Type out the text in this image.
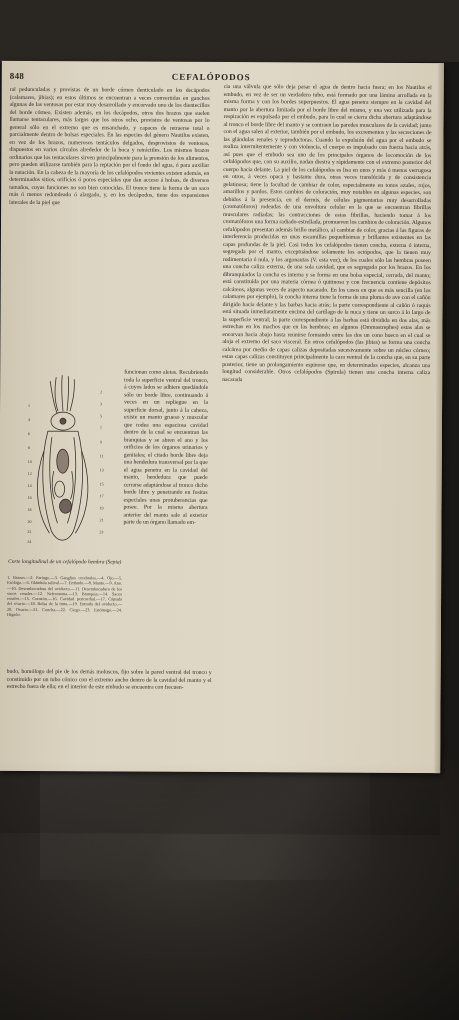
848	CEFALÓPODOS
ral pedunculadas y provistas de un borde córneo denticulado en los decápodos (calamares, jibias); en estos últimos se encuentran a veces convertidas en ganchos algunas de las ventosas por estar muy desarrollado y encorvado uno de los dientecillos del borde córneo. Existen además, en los decápodos, otros dos brazos que suelen llamarse tentaculares, más largos que los otros ocho, provistos de ventosas por lo general sólo en el extremo que es ensanchado, y capaces de retraerse total o parcialmente dentro de bolsas especiales. En las especies del género Nautilus existen, en vez de los brazos, numerosos tentáculos delgados, desprovistos de ventosas, dispuestos en varios círculos alrededor de la boca y retráctiles. Los mismos brazos ordinarios que los tentaculares sirven principalmente para la prensión de los alimentos, pero pueden utilizarse también para la reptación por el fondo del agua, ó para auxiliar la natación. En la cabeza de la mayoría de los cefalópodos vivientes existen además, en determinados sitios, orificios ó poros especiales que dan acceso á bolsas, de diversos tamaños, cuyas funciones no son bien conocidas. El tronco tiene la forma de un saco más ó menos redondeado ó alargado, y, en los decápodos, tiene dos expansiones laterales de la piel que
1
2
3
4
5
6
7
8
9
10
11
12
13
14	15
16	17
18	19
20	21
22	23
24
funcionan como aletas. Recubriendo toda la superficie ventral del tronco, á cuyos lados se adhiere quedándole sólo un borde libre, continuando á veces en un repliegue en la superficie dorsal, junto á la cabeza, existe un manto grueso y muscular que rodea una espaciosa cavidad dentro de la cual se encuentran las branquias y se abren el ano y los orificios de los órganos urinarios y genitales; el citado borde libre deja una hendedura transversal por la que el agua penetra en la cavidad del manto, hendedura que puede cerrarse adaptándose al tronco dicho borde libre y penetrando en fositas especiales unas protuberancias que posee. Por la misma abertura anterior del manto sale al exterior parte de un órgano llamado em-
Corte longitudinal de un cefalópodo hembra (Sepia)
1. Brazos.—2. Faringe.—3. Ganglios cerebrales.—4. Ojo.—5. Esófago.—6. Glándula salival.—7. Embudo.—8. Manto.—9. Ano.—10. Desembocadura del oviducto.—11. Desembocadura de los sacos renales.—12. Nefrostoma.—13. Branquia.—14. Sacos renales.—15. Corazón.—16. Cavidad pericardial.—17. Cápsula del ovario.—18. Bolsa de la tinta.—19. Entrada del oviducto.—20. Ovario.—21. Concha.—22. Ciego.—23. Estómago.—24. Hígado.
budo, homólogo del pie de los demás moluscos, fijo sobre la pared ventral del tronco y constituído por un tubo cónico con el extremo ancho dentro de la cavidad del manto y el estrecho fuera de ella; en el interior de este embudo se encuentra con frecuen-
cia una válvula que sólo deja pasar el agua de dentro hacia fuera; en los Nautilus el embudo, en vez de ser un verdadero tubo, está formado por una lámina arrollada en la misma forma y con los bordes superpuestos. El agua penetra siempre en la cavidad del manto por la abertura limitada por el borde libre del mismo, y una vez utilizada para la respiración es expulsada por el embudo, para lo cual se cierra dicha abertura adaptándose al tronco el borde libre del manto y se contraen las paredes musculares de la cavidad; junto con el agua salen al exterior, también por el embudo, los excrementos y las secreciones de las glándulas renales y reproductoras. Cuando la expulsión del agua por el embudo se realiza intermitentemente y con violencia, el cuerpo es impulsado con fuerza hacia atrás, así pues que el embudo sea uno de los principales órganos de locomoción de los cefalópodos que, con su auxilio, nadan diestra y rápidamente con el extremo posterior del cuerpo hacia delante. La piel de los cefalópodos es lisa en unos y más ó menos verrugosa en otros, á veces opaca y bastante dura, otras veces translúcida y de consistencia gelatinosa; tiene la facultad de cambiar de color, especialmente en tonos azules, rojos, amarillos y pardos. Estos cambios de coloración, muy notables en algunas especies, son debidos á la presencia, en el dermis, de células pigmentarias muy desarrolladas (cromatóforos) rodeadas de una envoltura celular en la que se encuentran fibrillas musculares radiadas; las contracciones de estas fibrillas, haciendo tomar á los cromatóforos una forma radiado-estrellada, promueven los cambios de coloración. Algunos cefalópodos presentan además brillo metálico, al cambiar de color, gracias á las figuras de interferencia producidas en unas escamillas pequeñísimas y brillantes existentes en las capas profundas de la piel. Casi todos los cefalópodos tienen concha, externa ó interna, segregada por el manto, exceptuándose solamente los octópodos, que la tienen muy rudimentaria ó nula, y los argonautas (V. esta voz), de los cuales sólo las hembras poseen una concha caliza externa, de una sola cavidad, que es segregada por los brazos. En los dibranquiados la concha es interna y se forma en una bolsa especial, cerrada, del manto; está constituída por una materia córnea ó quitinosa y con frecuencia contiene depósitos calcáreos, algunas veces de aspecto nacarado. En los casos en que es más sencilla (en los calamares por ejemplo), la concha interna tiene la forma de una pluma de ave con el cañón dirigido hacia delante y las barbas hacia atrás; la parte correspondiente al cañón ó raquis está situada inmediatamente encima del cartílago de la nuca y tiene un surco á lo largo de la superficie ventral; la parte correspondiente á las barbas está dividida en dos alas, más estrechas en los machos que en las hembras; en algunos (Ommastrephes) estas alas se encorvan hacia abajo hasta reunirse formando entre las dos un cono hueco en el cual se aloja el extremo del saco visceral. En otros cefalópodos (las jibias) se forma una concha calcárea por medio de capas calizas depositadas sucesivamente sobre un núcleo córneo; estas capas calizas constituyen principalmente la cara ventral de la concha que, en su parte posterior, tiene un prolongamiento espinoso que, en determinadas especies, alcanza una longitud considerable. Otros cefalópodos (Spirula) tienen una concha interna caliza nacarada
